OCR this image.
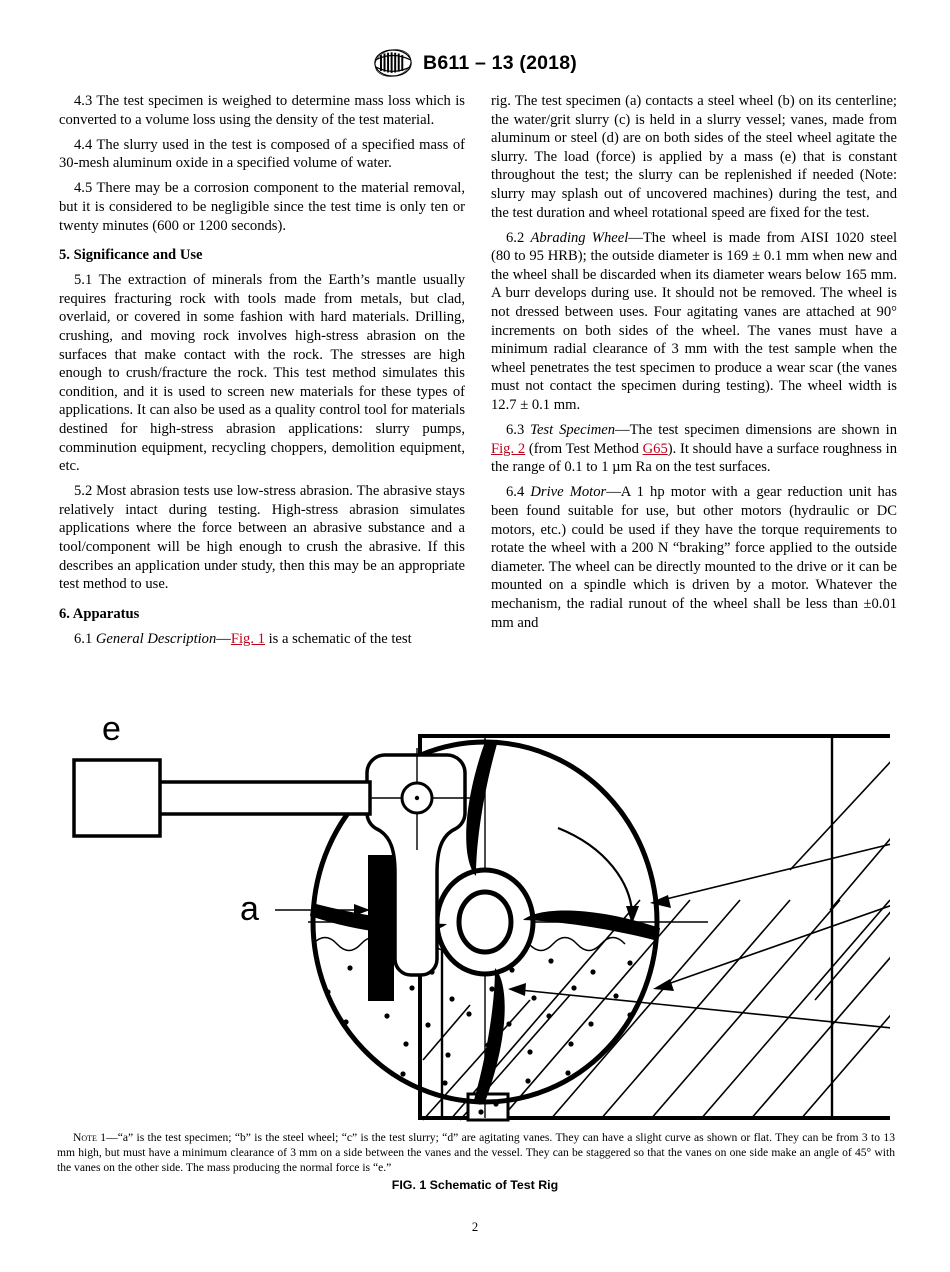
B611 – 13 (2018)

4.3 The test specimen is weighed to determine mass loss which is converted to a volume loss using the density of the test material.

4.4 The slurry used in the test is composed of a specified mass of 30-mesh aluminum oxide in a specified volume of water.

4.5 There may be a corrosion component to the material removal, but it is considered to be negligible since the test time is only ten or twenty minutes (600 or 1200 seconds).

5. Significance and Use

5.1 The extraction of minerals from the Earth’s mantle usually requires fracturing rock with tools made from metals, but clad, overlaid, or covered in some fashion with hard materials. Drilling, crushing, and moving rock involves high-stress abrasion on the surfaces that make contact with the rock. The stresses are high enough to crush/fracture the rock. This test method simulates this condition, and it is used to screen new materials for these types of applications. It can also be used as a quality control tool for materials destined for high-stress abrasion applications: slurry pumps, comminution equipment, recycling choppers, demolition equipment, etc.

5.2 Most abrasion tests use low-stress abrasion. The abrasive stays relatively intact during testing. High-stress abrasion simulates applications where the force between an abrasive substance and a tool/component will be high enough to crush the abrasive. If this describes an application under study, then this may be an appropriate test method to use.

6. Apparatus

6.1 General Description—Fig. 1 is a schematic of the test

rig. The test specimen (a) contacts a steel wheel (b) on its centerline; the water/grit slurry (c) is held in a slurry vessel; vanes, made from aluminum or steel (d) are on both sides of the steel wheel agitate the slurry. The load (force) is applied by a mass (e) that is constant throughout the test; the slurry can be replenished if needed (Note: slurry may splash out of uncovered machines) during the test, and the test duration and wheel rotational speed are fixed for the test.

6.2 Abrading Wheel—The wheel is made from AISI 1020 steel (80 to 95 HRB); the outside diameter is 169 ± 0.1 mm when new and the wheel shall be discarded when its diameter wears below 165 mm. A burr develops during use. It should not be removed. The wheel is not dressed between uses. Four agitating vanes are attached at 90° increments on both sides of the wheel. The vanes must have a minimum radial clearance of 3 mm with the test sample when the wheel penetrates the test specimen to produce a wear scar (the vanes must not contact the specimen during testing). The wheel width is 12.7 ± 0.1 mm.

6.3 Test Specimen—The test specimen dimensions are shown in Fig. 2 (from Test Method G65). It should have a surface roughness in the range of 0.1 to 1 µm Ra on the test surfaces.

6.4 Drive Motor—A 1 hp motor with a gear reduction unit has been found suitable for use, but other motors (hydraulic or DC motors, etc.) could be used if they have the torque requirements to rotate the wheel with a 200 N “braking” force applied to the outside diameter. The wheel can be directly mounted to the drive or it can be mounted on a spindle which is driven by a motor. Whatever the mechanism, the radial runout of the wheel shall be less than ±0.01 mm and

a
e
Note 1—“a” is the test specimen; “b” is the steel wheel; “c” is the test slurry; “d” are agitating vanes. They can have a slight curve as shown or flat. They can be from 3 to 13 mm high, but must have a minimum clearance of 3 mm on a side between the vanes and the vessel. They can be staggered so that the vanes on one side make an angle of 45° with the vanes on the other side. The mass producing the normal force is “e.”
FIG. 1 Schematic of Test Rig
2
